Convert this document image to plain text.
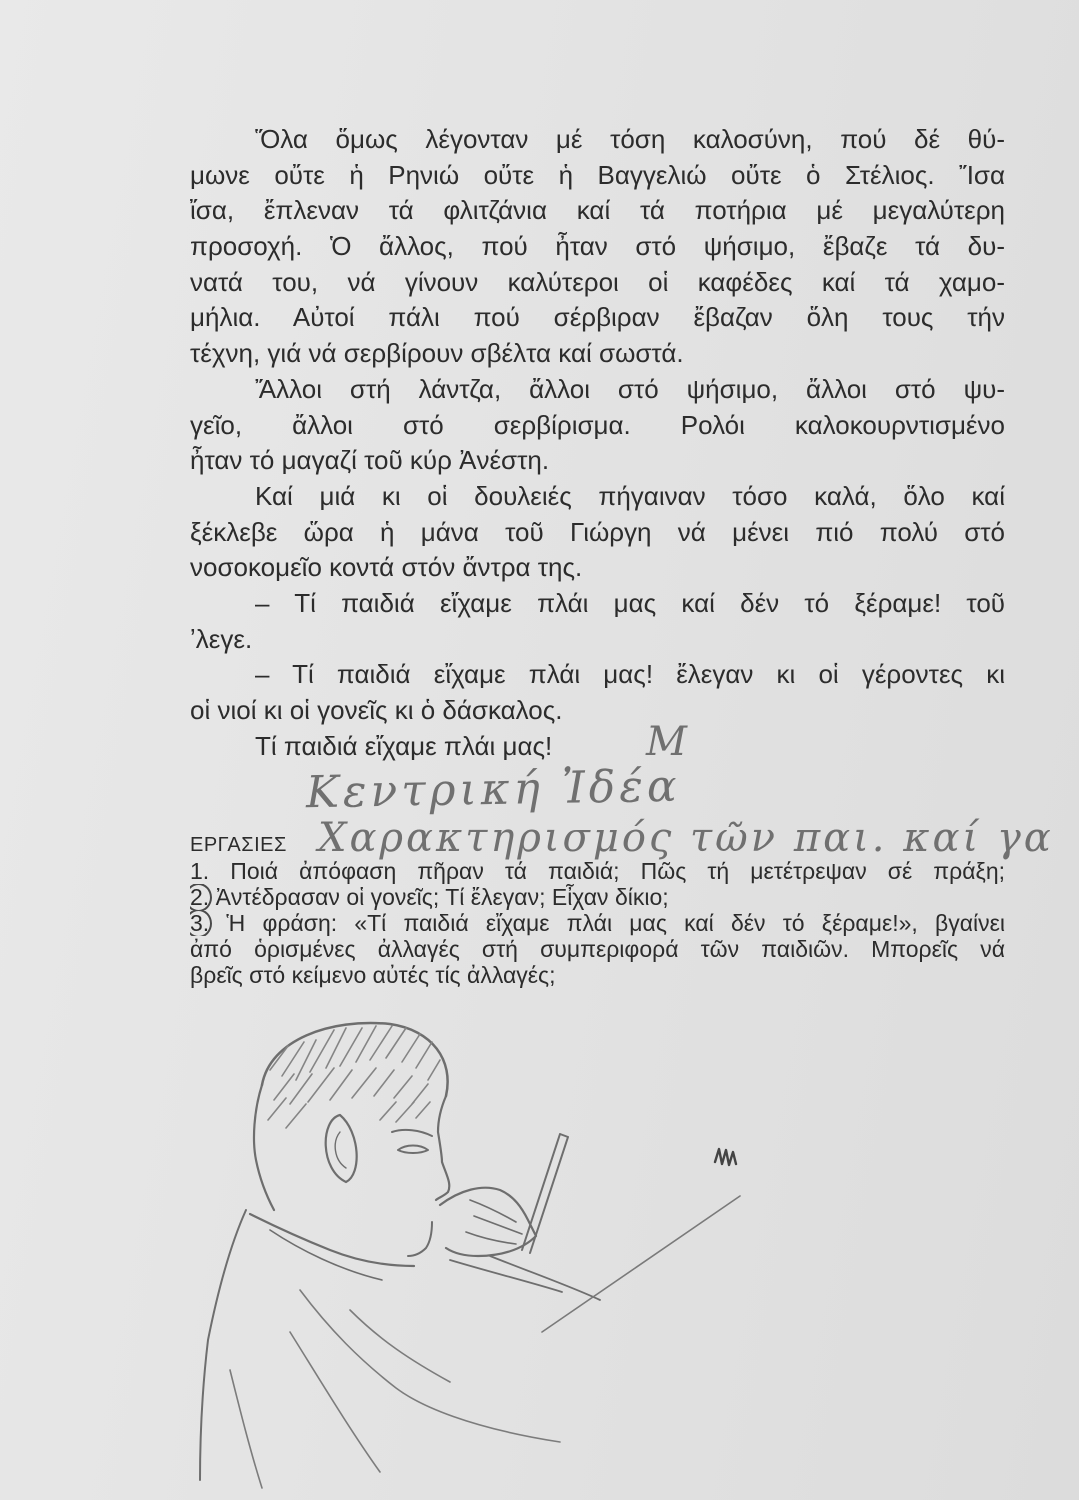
Ὅλα ὅμως λέγονταν μέ τόση καλοσύνη, πού δέ θύ-
μωνε οὔτε ἡ Ρηνιώ οὔτε ἡ Βαγγελιώ οὔτε ὁ Στέλιος. Ἴσα
ἴσα, ἔπλεναν τά φλιτζάνια καί τά ποτήρια μέ μεγαλύτερη
προσοχή. Ὁ ἄλλος, πού ἦταν στό ψήσιμο, ἔβαζε τά δυ-
νατά του, νά γίνουν καλύτεροι οἱ καφέδες καί τά χαμο-
μήλια. Αὐτοί πάλι πού σέρβιραν ἔβαζαν ὅλη τους τήν
τέχνη, γιά νά σερβίρουν σβέλτα καί σωστά.
Ἄλλοι στή λάντζα, ἄλλοι στό ψήσιμο, ἄλλοι στό ψυ-
γεῖο, ἄλλοι στό σερβίρισμα. Ρολόι καλοκουρντισμένο
ἦταν τό μαγαζί τοῦ κύρ Ἀνέστη.
Καί μιά κι οἱ δουλειές πήγαιναν τόσο καλά, ὅλο καί
ξέκλεβε ὥρα ἡ μάνα τοῦ Γιώργη νά μένει πιό πολύ στό
νοσοκομεῖο κοντά στόν ἄντρα της.
– Τί παιδιά εἴχαμε πλάι μας καί δέν τό ξέραμε! τοῦ
ʼλεγε.
– Τί παιδιά εἴχαμε πλάι μας! ἔλεγαν κι οἱ γέροντες κι
οἱ νιοί κι οἱ γονεῖς κι ὁ δάσκαλος.
Τί παιδιά εἴχαμε πλάι μας!	Μ
Κεντρική Ἰδέα
ΕΡΓΑΣΙΕΣ
1. Ποιά ἀπόφαση πῆραν τά παιδιά; Πῶς τή μετέτρεψαν σέ πράξη;
2. Ἀντέδρασαν οἱ γονεῖς; Τί ἔλεγαν; Εἶχαν δίκιο;
3. Ἡ φράση: «Τί παιδιά εἴχαμε πλάι μας καί δέν τό ξέραμε!», βγαίνει
ἀπό ὁρισμένες ἀλλαγές στή συμπεριφορά τῶν παιδιῶν. Μπορεῖς νά
βρεῖς στό κείμενο αὐτές τίς ἀλλαγές;
Χαρακτηρισμός τῶν παι. καί γα
